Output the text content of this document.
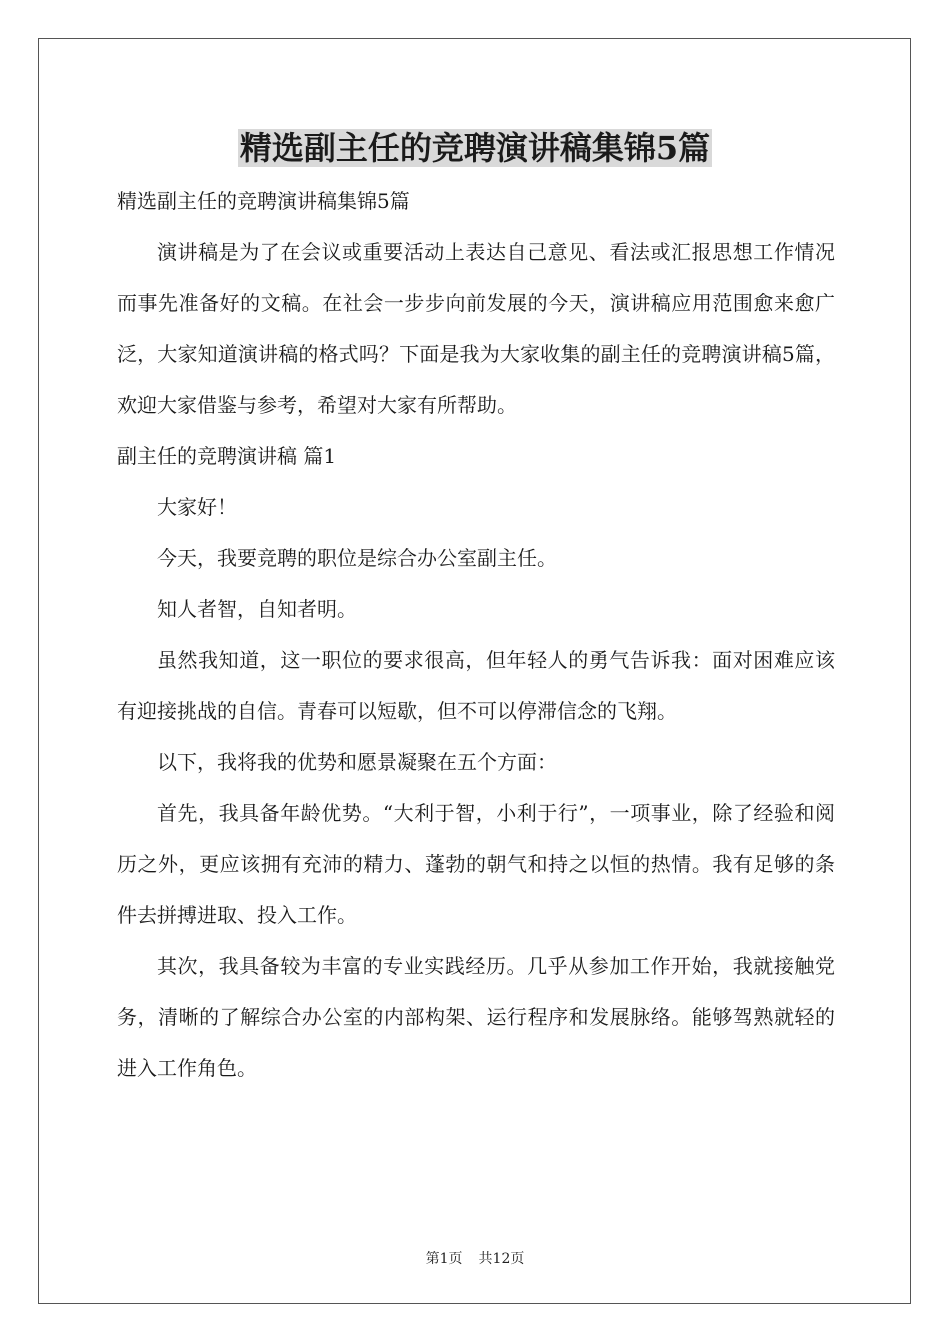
精选副主任的竞聘演讲稿集锦5篇

精选副主任的竞聘演讲稿集锦5篇

演讲稿是为了在会议或重要活动上表达自己意见、看法或汇报思想工作情况而事先准备好的文稿。在社会一步步向前发展的今天，演讲稿应用范围愈来愈广泛，大家知道演讲稿的格式吗？下面是我为大家收集的副主任的竞聘演讲稿5篇，欢迎大家借鉴与参考，希望对大家有所帮助。

副主任的竞聘演讲稿 篇1

大家好！

今天，我要竞聘的职位是综合办公室副主任。

知人者智，自知者明。

虽然我知道，这一职位的要求很高，但年轻人的勇气告诉我：面对困难应该有迎接挑战的自信。青春可以短歇，但不可以停滞信念的飞翔。

以下，我将我的优势和愿景凝聚在五个方面：

首先，我具备年龄优势。“大利于智，小利于行”，一项事业，除了经验和阅历之外，更应该拥有充沛的精力、蓬勃的朝气和持之以恒的热情。我有足够的条件去拼搏进取、投入工作。

其次，我具备较为丰富的专业实践经历。几乎从参加工作开始，我就接触党务，清晰的了解综合办公室的内部构架、运行程序和发展脉络。能够驾熟就轻的进入工作角色。

第1页 共12页
